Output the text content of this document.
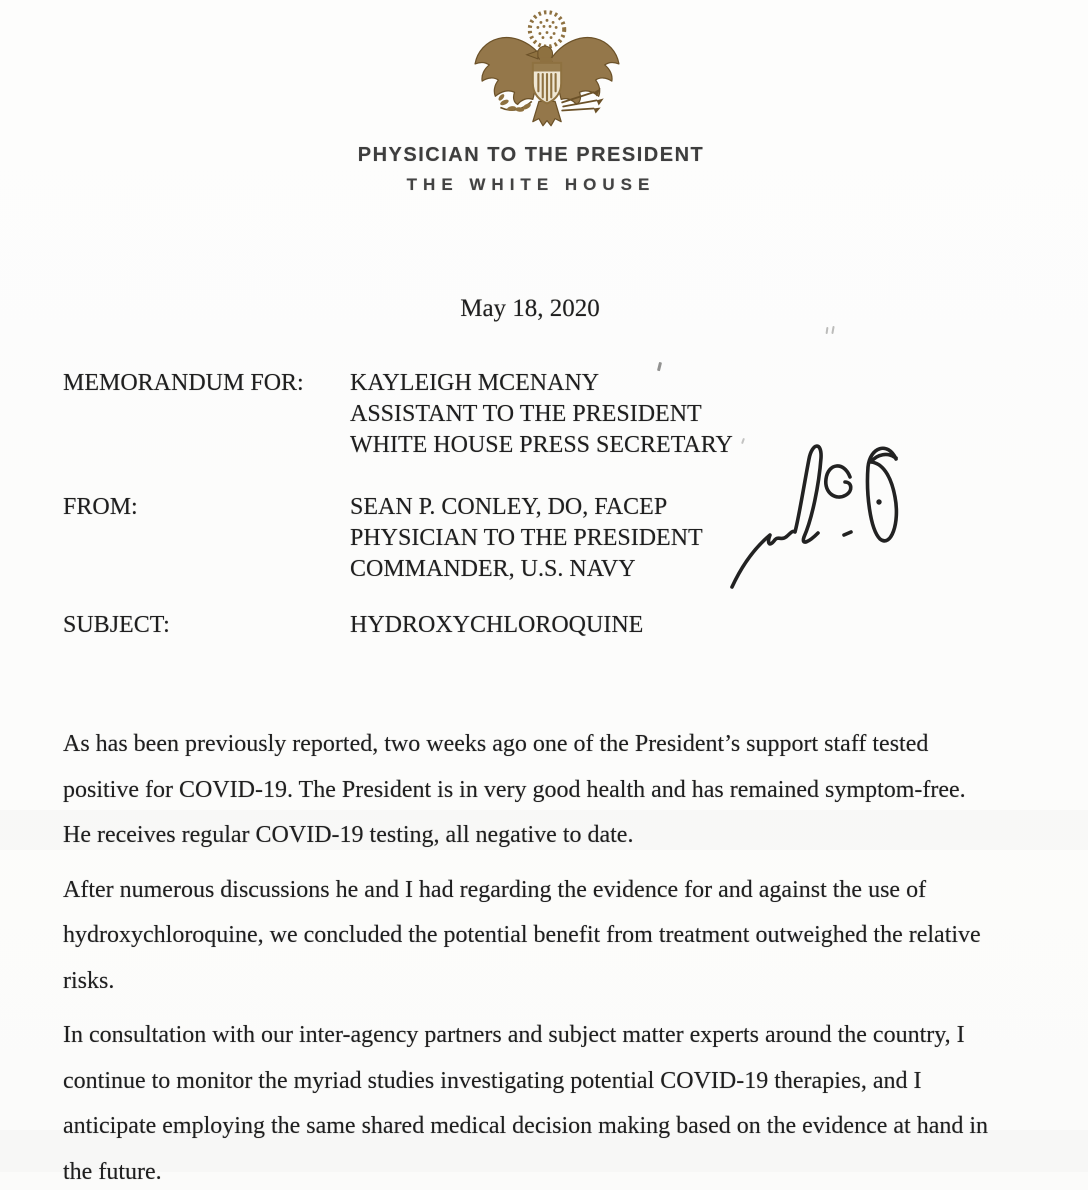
PHYSICIAN TO THE PRESIDENT
THE WHITE HOUSE
May 18, 2020
MEMORANDUM FOR:	KAYLEIGH MCENANY
ASSISTANT TO THE PRESIDENT
WHITE HOUSE PRESS SECRETARY
FROM:	SEAN P. CONLEY, DO, FACEP
PHYSICIAN TO THE PRESIDENT
COMMANDER, U.S. NAVY
SUBJECT:	HYDROXYCHLOROQUINE
As has been previously reported, two weeks ago one of the President’s support staff tested
positive for COVID-19. The President is in very good health and has remained symptom-free.
He receives regular COVID-19 testing, all negative to date.
After numerous discussions he and I had regarding the evidence for and against the use of
hydroxychloroquine, we concluded the potential benefit from treatment outweighed the relative
risks.
In consultation with our inter-agency partners and subject matter experts around the country, I
continue to monitor the myriad studies investigating potential COVID-19 therapies, and I
anticipate employing the same shared medical decision making based on the evidence at hand in
the future.
